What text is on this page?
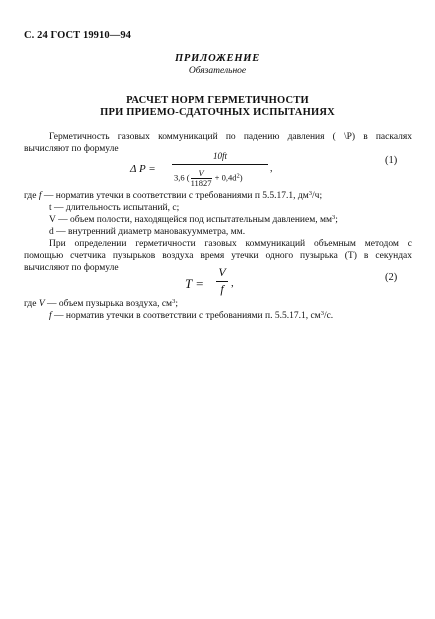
С. 24 ГОСТ 19910—94
ПРИЛОЖЕНИЕ
Обязательное
РАСЧЕТ НОРМ ГЕРМЕТИЧНОСТИ
ПРИ ПРИЕМО-СДАТОЧНЫХ ИСПЫТАНИЯХ
Герметичность газовых коммуникаций по падению давления ( \P) в паскалях
вычисляют по формуле
Δ P =
10ft
3,6 ( $\frac{V}{11827} + 0,4d^2$)
,
(1)
где f — норматив утечки в соответствии с требованиями п 5.5.17.1, $дм^3/ч$;
t — длительность испытаний, с;
V — объем полости, находящейся под испытательным давлением, $мм^3$;
d — внутренний диаметр мановакуумметра, мм.
При определении герметичности газовых коммуникаций объемным методом с
помощью счетчика пузырьков воздуха время утечки одного пузырька (T) в секундах
вычисляют по формуле
T =
V
f ,	(2)
где V — объем пузырька воздуха, $см^3$;
f — норматив утечки в соответствии с требованиями п. 5.5.17.1, $см^3/с$.
